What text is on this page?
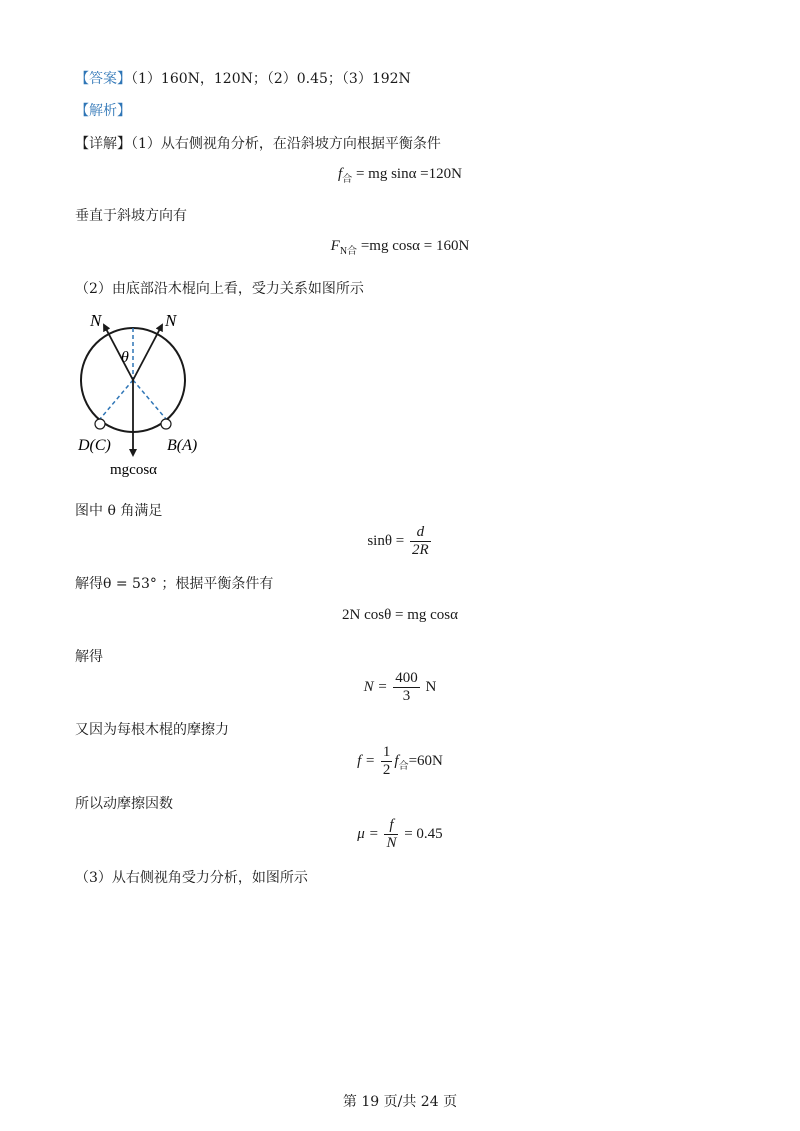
【答案】（1）160N，120N；（2）0.45；（3）192N
【解析】
【详解】（1）从右侧视角分析，在沿斜坡方向根据平衡条件
$f_合$ = mg sinα =120N
垂直于斜坡方向有
$F_{N合} =mg$ cosα = 160N
（2）由底部沿木棍向上看，受力关系如图所示
N	N
θ
D(C)	B(A)
mgcosα
图中 θ 角满足
$\sin\theta = \frac{d}{2R}$
解得θ = 53° ；根据平衡条件有
2N cosθ = mg cosα
解得
$N = \frac{400}{3}$ N
又因为每根木棍的摩擦力
$f = \frac{1}{2} f_合=60N$
所以动摩擦因数
$\mu = \frac{f}{N} = 0.45$
（3）从右侧视角受力分析，如图所示
第 19 页/共 24 页
